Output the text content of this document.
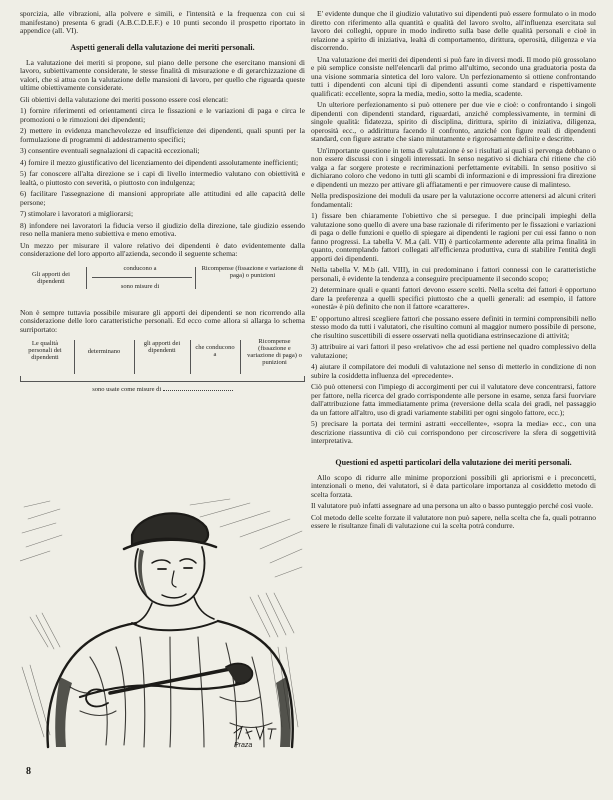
sporcizia, alle vibrazioni, alla polvere e simili, e l'intensità e la frequenza con cui si manifestano) presenta 6 gradi (A.B.C.D.E.F.) e 10 punti secondo il prospetto riportato in appendice (all. VI).

Aspetti generali della valutazione dei meriti personali.

La valutazione dei meriti si propone, sul piano delle persone che esercitano mansioni di lavoro, subiettivamente considerate, le stesse finalità di misurazione e di gerarchizzazione di valori, che si attua con la valutazione delle mansioni di lavoro, per quello che riguarda queste ultime obiettivamente considerate.

Gli obiettivi della valutazione dei meriti possono essere così elencati:

1) fornire riferimenti ed orientamenti circa le fissazioni e le variazioni di paga e circa le promozioni o le rimozioni dei dipendenti;

2) mettere in evidenza manchevolezze ed insufficienze dei dipendenti, quali spunti per la formulazione di programmi di addestramento specifici;

3) consentire eventuali segnalazioni di capacità eccezionali;

4) fornire il mezzo giustificativo del licenziamento dei dipendenti assolutamente inefficienti;

5) far conoscere all'alta direzione se i capi di livello intermedio valutano con obiettività e lealtà, o piuttosto con severità, o piuttosto con indulgenza;

6) facilitare l'assegnazione di mansioni appropriate alle attitudini ed alle capacità delle persone;

7) stimolare i lavoratori a migliorarsi;

8) infondere nei lavoratori la fiducia verso il giudizio della direzione, tale giudizio essendo reso nella maniera meno subiettiva e meno emotiva.

Un mezzo per misurare il valore relativo dei dipendenti è dato evidentemente dalla considerazione del loro apporto all'azienda, secondo il seguente schema:

Gli apporti dei dipendenti
conducono a
sono misure di
Ricompense (fissazione e variazione di paga) o punizioni

Non è sempre tuttavia possibile misurare gli apporti dei dipendenti se non ricorrendo alla considerazione delle loro caratteristiche personali. Ed ecco come allora si allarga lo schema surriportato:

Le qualità personali dei dipendenti
determinano
gli apporti dei dipendenti	che conducono a
Ricompense (fissazione e variazione di paga) o punizioni
sono usate come misure di
Praza
8

E' evidente dunque che il giudizio valutativo sui dipendenti può essere formulato o in modo diretto con riferimento alla quantità e qualità del lavoro svolto, all'influenza esercitata sul lavoro dei colleghi, oppure in modo indiretto sulla base delle qualità personali e cioè in relazione a spirito di iniziativa, lealtà di comportamento, dirittura, operosità, diligenza e via discorrendo.

Una valutazione dei meriti dei dipendenti si può fare in diversi modi. Il modo più grossolano e più semplice consiste nell'elencarli dal primo all'ultimo, secondo una graduatoria posta da una visione sommaria sintetica del loro valore. Un perfezionamento si ottiene confrontando tutti i dipendenti con alcuni tipi di dipendenti assunti come standard e rispettivamente qualificati: eccellente, sopra la media, medio, sotto la media, scadente.

Un ulteriore perfezionamento si può ottenere per due vie e cioè: o confrontando i singoli dipendenti con dipendenti standard, riguardati, anziché complessivamente, in termini di singole qualità: fidatezza, spirito di disciplina, dirittura, spirito di iniziativa, diligenza, operosità ecc., o addirittura facendo il confronto, anziché con figure reali di dipendenti standard, con figure astratte che siano minutamente e rigorosamente definite e descritte.

Un'importante questione in tema di valutazione è se i risultati ai quali si pervenga debbano o non essere discussi con i singoli interessati. In senso negativo si dichiara chi ritiene che ciò valga a far sorgere proteste e recriminazioni perfettamente evitabili. In senso positivo si dichiarano coloro che vedono in tutti gli scambi di informazioni e di impressioni fra direzione e dipendenti un mezzo per attivare gli affiatamenti e per rimuovere cause di malinteso.

Nella predisposizione dei moduli da usare per la valutazione occorre attenersi ad alcuni criteri fondamentali:

1) fissare ben chiaramente l'obiettivo che si persegue. I due principali impieghi della valutazione sono quello di avere una base razionale di riferimento per le fissazioni e variazioni di paga o delle funzioni e quello di spiegare ai dipendenti le ragioni per cui essi fanno o non fanno progressi. La tabella V. M.a (all. VII) è particolarmente aderente alla prima finalità in quanto, contemplando fattori collegati all'efficienza produttiva, cura di stabilire l'entità degli apporti dei dipendenti.

Nella tabella V. M.b (all. VIII), in cui predominano i fattori connessi con le caratteristiche personali, è evidente la tendenza a conseguire precipuamente il secondo scopo;

2) determinare quali e quanti fattori devono essere scelti. Nella scelta dei fattori è opportuno dare la preferenza a quelli specifici piuttosto che a quelli generali: ad esempio, il fattore «onestà» è più definito che non il fattore «carattere».

E' opportuno altresì scegliere fattori che possano essere definiti in termini comprensibili nello stesso modo da tutti i valutatori, che risultino comuni al maggior numero possibile di persone, che risultino suscettibili di essere osservati nella quotidiana estrinsecazione di attività;

3) attribuire ai vari fattori il peso «relativo» che ad essi pertiene nel quadro complessivo della valutazione;

4) aiutare il compilatore dei moduli di valutazione nel senso di metterlo in condizione di non subire la cosiddetta influenza del «precedente».

Ciò può ottenersi con l'impiego di accorgimenti per cui il valutatore deve concentrarsi, fattore per fattore, nella ricerca del grado corrispondente alle persone in esame, senza farsi fuorviare dall'attribuzione fatta immediatamente prima (reversione della scala dei gradi, nel passaggio da un fattore all'altro, uso di gradi variamente stabiliti per ogni singolo fattore, ecc.);

5) precisare la portata dei termini astratti «eccellente», «sopra la media» ecc., con una descrizione riassuntiva di ciò cui corrispondono per circoscrivere la sfera di soggettività interpretativa.

Questioni ed aspetti particolari della valutazione dei meriti personali.

Allo scopo di ridurre alle minime proporzioni possibili gli apriorismi e i preconcetti, intenzionali o meno, dei valutatori, si è data particolare importanza al cosiddetto metodo di scelta forzata.

Il valutatore può infatti assegnare ad una persona un alto o basso punteggio perché così vuole.

Col metodo delle scelte forzate il valutatore non può sapere, nella scelta che fa, quali potranno essere le risultanze finali di valutazione cui la scelta potrà condurre.
